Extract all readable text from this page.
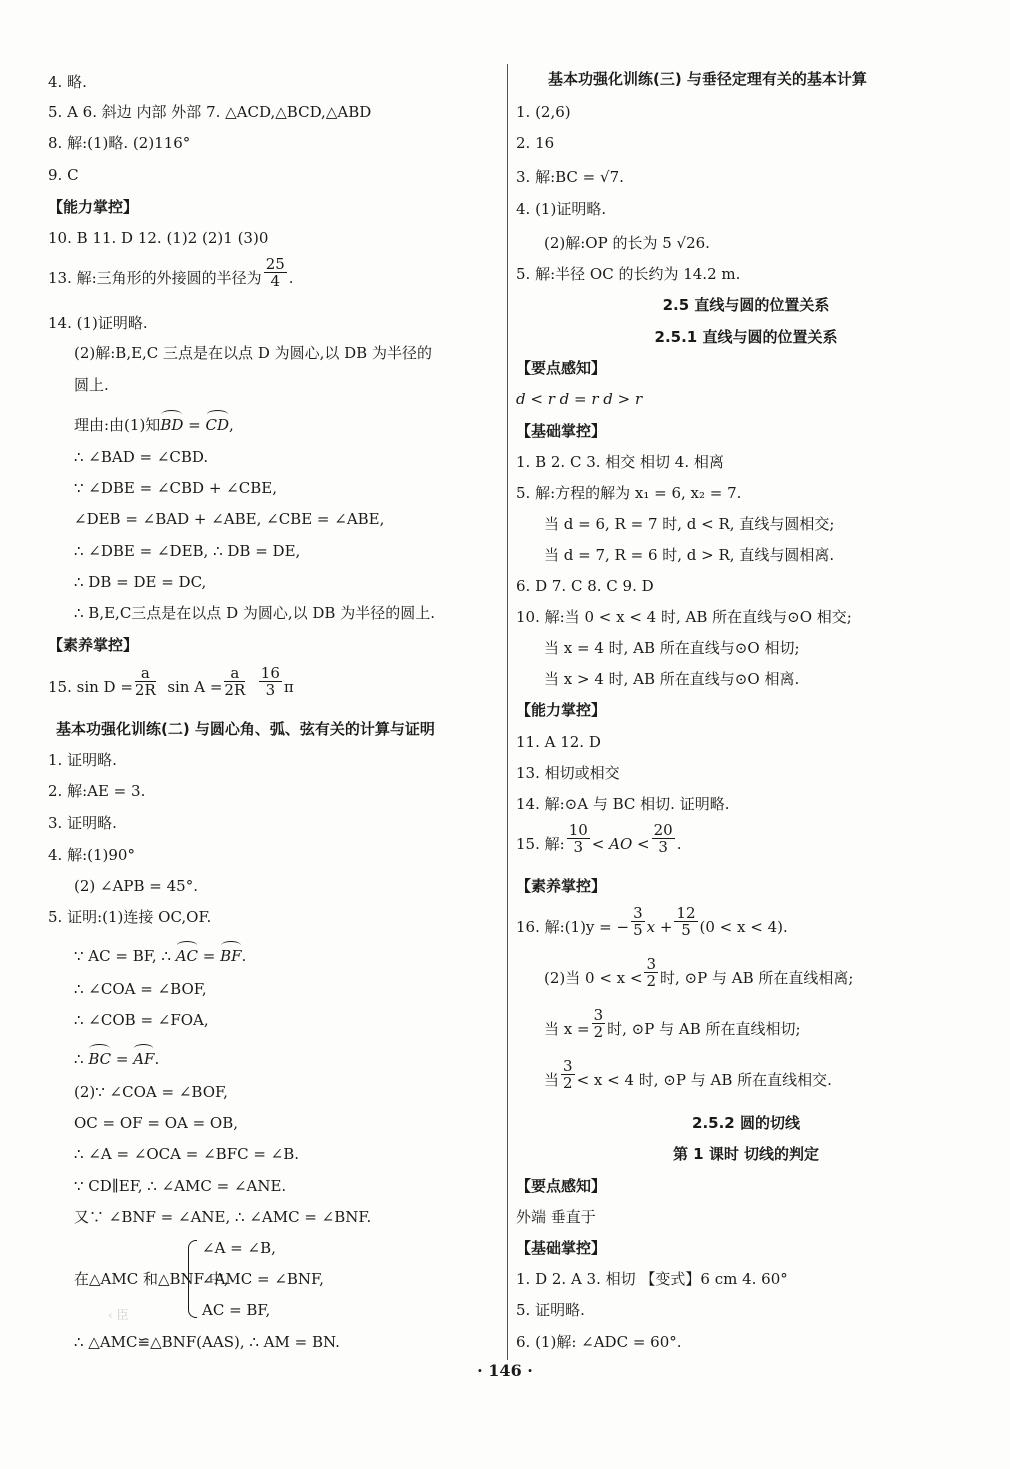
4. 略.
5. A 6. 斜边 内部 外部 7. △ACD,△BCD,△ABD
8. 解:(1)略. (2)116°
9. C
【能力掌控】
10. B 11. D 12. (1)2 (2)1 (3)0
13. 解:三角形的外接圆的半径为 $\frac{25}{4}$ .
14. (1)证明略.
(2)解:B,E,C 三点是在以点 D 为圆心,以 DB 为半径的
圆上.
理由:由(1)知BD = CD,
∴ ∠BAD = ∠CBD.
∵ ∠DBE = ∠CBD + ∠CBE,
∠DEB = ∠BAD + ∠ABE, ∠CBE = ∠ABE,
∴ ∠DBE = ∠DEB, ∴ DB = DE,
∴ DB = DE = DC,
∴ B,E,C三点是在以点 D 为圆心,以 DB 为半径的圆上.
【素养掌控】
15. $\sin D = \frac{a}{2R}$ $\sin A = \frac{a}{2R}$
$\frac{16}{3}$ π
基本功强化训练(二) 与圆心角、弧、弦有关的计算与证明
1. 证明略.
2. 解:AE = 3.
3. 证明略.
4. 解:(1)90°
(2) ∠APB = 45°.
5. 证明:(1)连接 OC,OF.
∵ AC = BF, ∴ AC = BF.
∴ ∠COA = ∠BOF,
∴ ∠COB = ∠FOA,
∴ BC = AF.
(2)∵ ∠COA = ∠BOF,
OC = OF = OA = OB,
∴ ∠A = ∠OCA = ∠BFC = ∠B.
∵ CD∥EF, ∴ ∠AMC = ∠ANE.
又∵ ∠BNF = ∠ANE, ∴ ∠AMC = ∠BNF.
在△AMC 和△BNF 中,
∠A = ∠B,
∠AMC = ∠BNF,
AC = BF,
∴ △AMC≌△BNF(AAS), ∴ AM = BN.
‹ 臣
基本功强化训练(三) 与垂径定理有关的基本计算
1. (2,6)
2. 16
3. 解:BC = √7.
4. (1)证明略.
(2)解:OP 的长为 5 √26.
5. 解:半径 OC 的长约为 14.2 m.
2.5 直线与圆的位置关系
2.5.1 直线与圆的位置关系
【要点感知】
d < r d = r d > r
【基础掌控】
1. B 2. C 3. 相交 相切 4. 相离
5. 解:方程的解为 x₁ = 6, x₂ = 7.
当 d = 6, R = 7 时, d < R, 直线与圆相交;
当 d = 7, R = 6 时, d > R, 直线与圆相离.
6. D 7. C 8. C 9. D
10. 解:当 0 < x < 4 时, AB 所在直线与⊙O 相交;
当 x = 4 时, AB 所在直线与⊙O 相切;
当 x > 4 时, AB 所在直线与⊙O 相离.
【能力掌控】
11. A 12. D
13. 相切或相交
14. 解:⊙A 与 BC 相切. 证明略.
15. 解: $\frac{10}{3}$ < AO < $\frac{20}{3}$ .
【素养掌控】
16. 解:(1)y = − $\frac{3}{5}$ $x + \frac{12}{5} (0 < x < 4)$.
(2)当 $0 < x < \frac{3}{2}$ 时, ⊙P 与 AB 所在直线相离;
当 $x = \frac{3}{2}$ 时, ⊙P 与 AB 所在直线相切;
当 $\frac{3}{2} < x < 4$ 时, ⊙P 与 AB 所在直线相交.
2.5.2 圆的切线
第 1 课时 切线的判定
【要点感知】
外端 垂直于
【基础掌控】
1. D 2. A 3. 相切 【变式】6 cm 4. 60°
5. 证明略.
6. (1)解: ∠ADC = 60°.
· 146 ·
